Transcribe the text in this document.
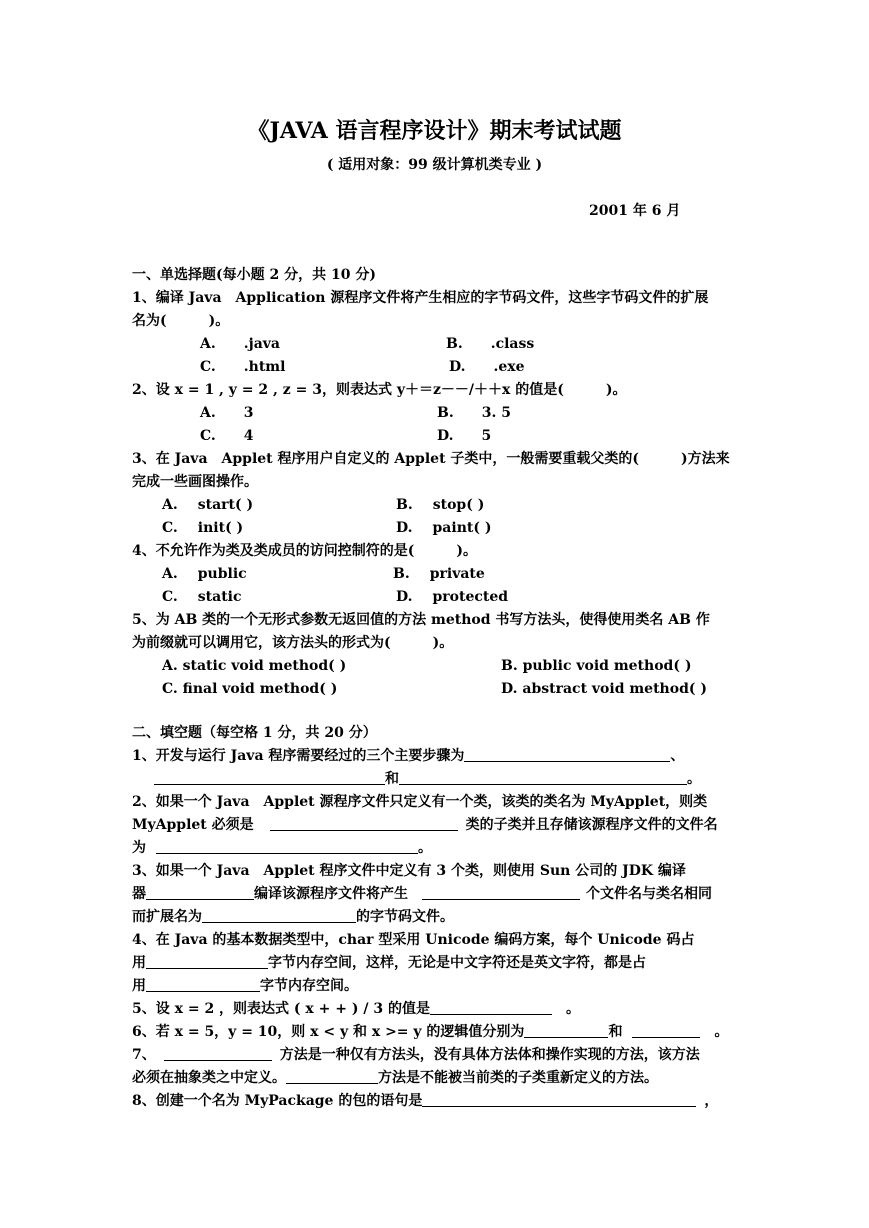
《JAVA 语言程序设计》期末考试试题
( 适用对象：99 级计算机类专业 )
2001 年 6 月
一、单选择题(每小题 2 分，共 10 分)
1、编译 Java　Application 源程序文件将产生相应的字节码文件，这些字节码文件的扩展
名为(　　　)。
A. .java	B. .class
C. .html	D. .exe
2、设 x = 1 , y = 2 , z = 3，则表达式 y＋＝z－－/＋＋x 的值是(　　　)。
A. 3	B. 3. 5
C. 4	D. 5
3、在 Java　Applet 程序用户自定义的 Applet 子类中，一般需要重载父类的(　　　)方法来
完成一些画图操作。
A. start( )	B. stop( )
C. init( )	D. paint( )
4、不允许作为类及类成员的访问控制符的是(　　　)。
A. public	B. private
C. static	D. protected
5、为 AB 类的一个无形式参数无返回值的方法 method 书写方法头，使得使用类名 AB 作
为前缀就可以调用它，该方法头的形式为(　　　)。
A. static void method( )	B. public void method( )
C. final void method( )	D. abstract void method( )
二、填空题（每空格 1 分，共 20 分）
1、开发与运行 Java 程序需要经过的三个主要步骤为	、
和	。
2、如果一个 Java　Applet 源程序文件只定义有一个类，该类的类名为 MyApplet，则类
MyApplet 必须是	类的子类并且存储该源程序文件的文件名
为	。
3、如果一个 Java　Applet 程序文件中定义有 3 个类，则使用 Sun 公司的 JDK 编译
器	编译该源程序文件将产生	个文件名与类名相同
而扩展名为	的字节码文件。
4、在 Java 的基本数据类型中，char 型采用 Unicode 编码方案，每个 Unicode 码占
用	字节内存空间，这样，无论是中文字符还是英文字符，都是占
用	字节内存空间。
5、设 x = 2 ，则表达式 ( x + + ) / 3 的值是	。
6、若 x = 5，y = 10，则 x < y 和 x >= y 的逻辑值分别为	和	。
7、	方法是一种仅有方法头，没有具体方法体和操作实现的方法，该方法
必须在抽象类之中定义。	方法是不能被当前类的子类重新定义的方法。
8、创建一个名为 MyPackage 的包的语句是	，
